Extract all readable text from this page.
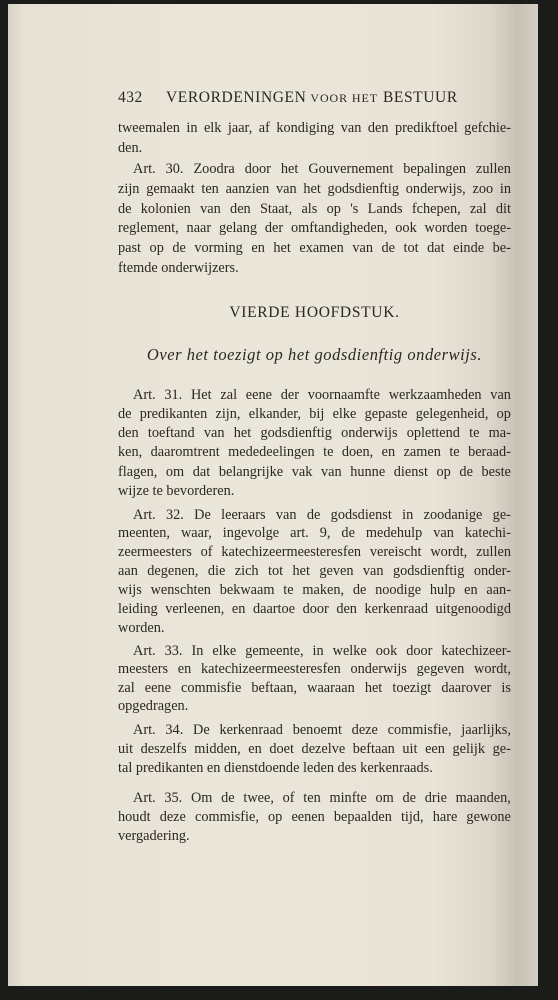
432 VERORDENINGEN VOOR HET BESTUUR
tweemalen in elk jaar, af kondiging van den predikftoel gefchie-
den.
Art. 30. Zoodra door het Gouvernement bepalingen zullen
zijn gemaakt ten aanzien van het godsdienftig onderwijs, zoo in
de kolonien van den Staat, als op 's Lands fchepen, zal dit
reglement, naar gelang der omftandigheden, ook worden toege-
past op de vorming en het examen van de tot dat einde be-
ftemde onderwijzers.
VIERDE HOOFDSTUK.
Over het toezigt op het godsdienftig onderwijs.
Art. 31. Het zal eene der voornaamfte werkzaamheden van
de predikanten zijn, elkander, bij elke gepaste gelegenheid, op
den toeftand van het godsdienftig onderwijs oplettend te ma-
ken, daaromtrent mededeelingen te doen, en zamen te beraad-
flagen, om dat belangrijke vak van hunne dienst op de beste
wijze te bevorderen.
Art. 32. De leeraars van de godsdienst in zoodanige ge-
meenten, waar, ingevolge art. 9, de medehulp van katechi-
zeermeesters of katechizeermeesteresfen vereischt wordt, zullen
aan degenen, die zich tot het geven van godsdienftig onder-
wijs wenschten bekwaam te maken, de noodige hulp en aan-
leiding verleenen, en daartoe door den kerkenraad uitgenoodigd
worden.
Art. 33. In elke gemeente, in welke ook door katechizeer-
meesters en katechizeermeesteresfen onderwijs gegeven wordt,
zal eene commisfie beftaan, waaraan het toezigt daarover is
opgedragen.
Art. 34. De kerkenraad benoemt deze commisfie, jaarlijks,
uit deszelfs midden, en doet dezelve beftaan uit een gelijk ge-
tal predikanten en dienstdoende leden des kerkenraads.
Art. 35. Om de twee, of ten minfte om de drie maanden,
houdt deze commisfie, op eenen bepaalden tijd, hare gewone
vergadering.
